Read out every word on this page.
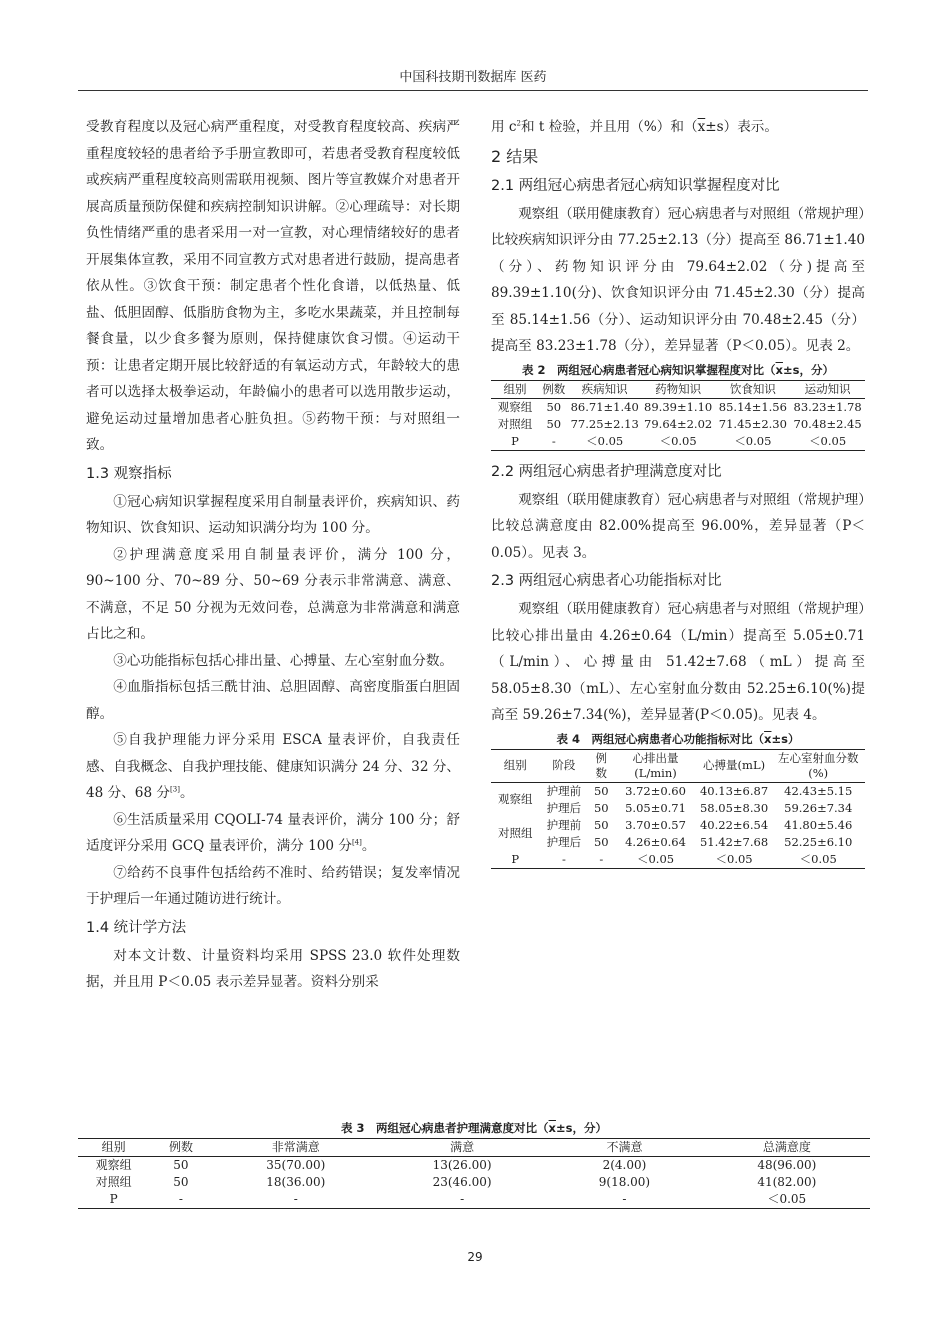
中国科技期刊数据库 医药

受教育程度以及冠心病严重程度，对受教育程度较高、疾病严重程度较轻的患者给予手册宣教即可，若患者受教育程度较低或疾病严重程度较高则需联用视频、图片等宣教媒介对患者开展高质量预防保健和疾病控制知识讲解。②心理疏导：对长期负性情绪严重的患者采用一对一宣教，对心理情绪较好的患者开展集体宣教，采用不同宣教方式对患者进行鼓励，提高患者依从性。③饮食干预：制定患者个性化食谱，以低热量、低盐、低胆固醇、低脂肪食物为主，多吃水果蔬菜，并且控制每餐食量，以少食多餐为原则，保持健康饮食习惯。④运动干预：让患者定期开展比较舒适的有氧运动方式，年龄较大的患者可以选择太极拳运动，年龄偏小的患者可以选用散步运动，避免运动过量增加患者心脏负担。⑤药物干预：与对照组一致。

1.3 观察指标

①冠心病知识掌握程度采用自制量表评价，疾病知识、药物知识、饮食知识、运动知识满分均为 100 分。

②护理满意度采用自制量表评价，满分 100 分，90~100 分、70~89 分、50~69 分表示非常满意、满意、不满意，不足 50 分视为无效问卷，总满意为非常满意和满意占比之和。

③心功能指标包括心排出量、心搏量、左心室射血分数。

④血脂指标包括三酰甘油、总胆固醇、高密度脂蛋白胆固醇。

⑤自我护理能力评分采用 ESCA 量表评价，自我责任感、自我概念、自我护理技能、健康知识满分 24 分、32 分、48 分、68 分[3]。

⑥生活质量采用 CQOLI-74 量表评价，满分 100 分；舒适度评分采用 GCQ 量表评价，满分 100 分[4]。

⑦给药不良事件包括给药不准时、给药错误；复发率情况于护理后一年通过随访进行统计。

1.4 统计学方法

对本文计数、计量资料均采用 SPSS 23.0 软件处理数据，并且用 P＜0.05 表示差异显著。资料分别采

用 $c^2$和 t 检验，并且用（%）和$(\overline{x}\pm s)$表示。

2 结果
2.1 两组冠心病患者冠心病知识掌握程度对比

观察组（联用健康教育）冠心病患者与对照组（常规护理）比较疾病知识评分由 77.25±2.13（分）提高至 86.71±1.40（分）、药物知识评分由 79.64±2.02（分)提高至 89.39±1.10(分)、饮食知识评分由 71.45±2.30（分）提高至 85.14±1.56（分）、运动知识评分由 70.48±2.45（分）提高至 83.23±1.78（分），差异显著（P＜0.05）。见表 2。

表 2　两组冠心病患者冠心病知识掌握程度对比（$\overline{x}\pm s$，分）
组别	例数	疾病知识	药物知识	饮食知识	运动知识
观察组	50	86.71±1.40	89.39±1.10	85.14±1.56	83.23±1.78
对照组	50	77.25±2.13	79.64±2.02	71.45±2.30	70.48±2.45
P	-	＜0.05	＜0.05	＜0.05	＜0.05
2.2 两组冠心病患者护理满意度对比

观察组（联用健康教育）冠心病患者与对照组（常规护理）比较总满意度由 82.00%提高至 96.00%，差异显著（P＜0.05）。见表 3。

2.3 两组冠心病患者心功能指标对比

观察组（联用健康教育）冠心病患者与对照组（常规护理）比较心排出量由 4.26±0.64（L/min）提高至 5.05±0.71（L/min）、心搏量由 51.42±7.68（mL）提高至 58.05±8.30（mL）、左心室射血分数由 52.25±6.10(%)提高至 59.26±7.34(%)，差异显著(P＜0.05)。见表 4。

表 4　两组冠心病患者心功能指标对比$(\overline{x}\pm s)$
组别	阶段	例数	心排出量(L/min)	心搏量(mL)	左心室射血分数(%)
观察组	护理前	50	3.72±0.60	40.13±6.87	42.43±5.15
	护理后	50	5.05±0.71	58.05±8.30	59.26±7.34
对照组	护理前	50	3.70±0.57	40.22±6.54	41.80±5.46
	护理后	50	4.26±0.64	51.42±7.68	52.25±6.10
P	-	-	＜0.05	＜0.05	＜0.05
表 3　两组冠心病患者护理满意度对比（$\overline{x}\pm s$，分）
组别	例数	非常满意	满意	不满意	总满意度
观察组	50	35(70.00)	13(26.00)	2(4.00)	48(96.00)
对照组	50	18(36.00)	23(46.00)	9(18.00)	41(82.00)
P	-	-	-	-	＜0.05
29
